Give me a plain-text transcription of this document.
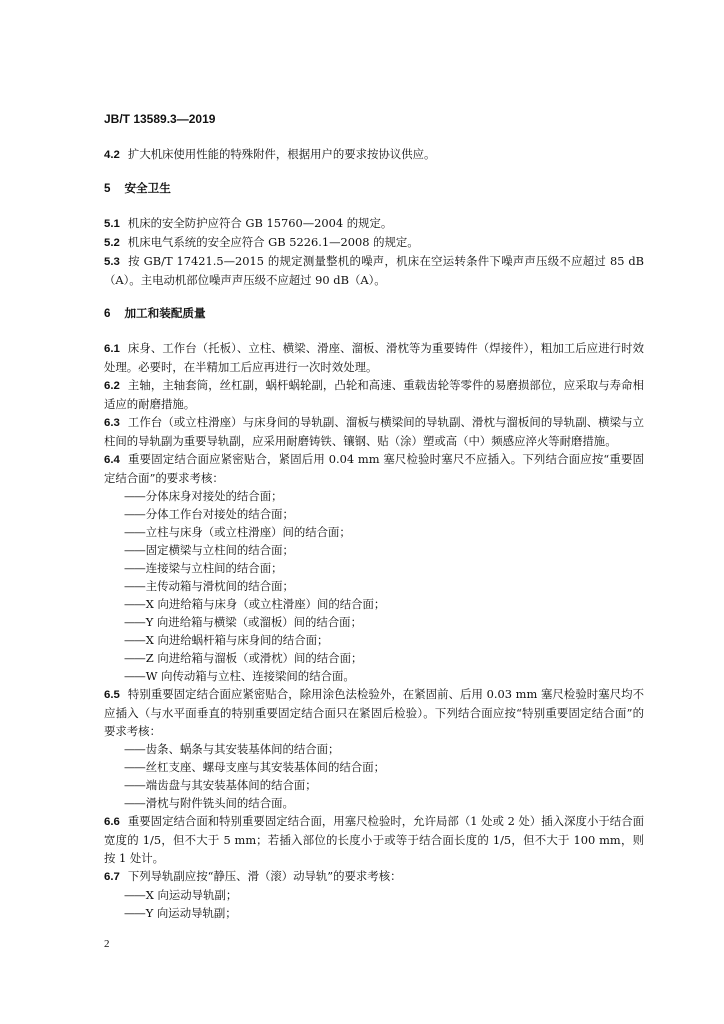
JB/T 13589.3—2019

4.2 扩大机床使用性能的特殊附件，根据用户的要求按协议供应。

5 安全卫生

5.1 机床的安全防护应符合 GB 15760—2004 的规定。

5.2 机床电气系统的安全应符合 GB 5226.1—2008 的规定。

5.3 按 GB/T 17421.5—2015 的规定测量整机的噪声，机床在空运转条件下噪声声压级不应超过 85 dB（A）。主电动机部位噪声声压级不应超过 90 dB（A）。

6 加工和装配质量

6.1 床身、工作台（托板）、立柱、横梁、滑座、溜板、滑枕等为重要铸件（焊接件），粗加工后应进行时效处理。必要时，在半精加工后应再进行一次时效处理。

6.2 主轴，主轴套筒，丝杠副，蜗杆蜗轮副，凸轮和高速、重载齿轮等零件的易磨损部位，应采取与寿命相适应的耐磨措施。

6.3 工作台（或立柱滑座）与床身间的导轨副、溜板与横梁间的导轨副、滑枕与溜板间的导轨副、横梁与立柱间的导轨副为重要导轨副，应采用耐磨铸铁、镶钢、贴（涂）塑或高（中）频感应淬火等耐磨措施。

6.4 重要固定结合面应紧密贴合，紧固后用 0.04 mm 塞尺检验时塞尺不应插入。下列结合面应按“重要固定结合面”的要求考核：

—— 分体床身对接处的结合面；
—— 分体工作台对接处的结合面；
—— 立柱与床身（或立柱滑座）间的结合面；
—— 固定横梁与立柱间的结合面；
—— 连接梁与立柱间的结合面；
—— 主传动箱与滑枕间的结合面；
—— X 向进给箱与床身（或立柱滑座）间的结合面；
—— Y 向进给箱与横梁（或溜板）间的结合面；
—— X 向进给蜗杆箱与床身间的结合面；
—— Z 向进给箱与溜板（或滑枕）间的结合面；
—— W 向传动箱与立柱、连接梁间的结合面。

6.5 特别重要固定结合面应紧密贴合，除用涂色法检验外，在紧固前、后用 0.03 mm 塞尺检验时塞尺均不应插入（与水平面垂直的特别重要固定结合面只在紧固后检验）。下列结合面应按“特别重要固定结合面”的要求考核：

—— 齿条、蜗条与其安装基体间的结合面；
—— 丝杠支座、螺母支座与其安装基体间的结合面；
—— 端齿盘与其安装基体间的结合面；
—— 滑枕与附件铣头间的结合面。

6.6 重要固定结合面和特别重要固定结合面，用塞尺检验时，允许局部（1 处或 2 处）插入深度小于结合面宽度的 1/5，但不大于 5 mm；若插入部位的长度小于或等于结合面长度的 1/5，但不大于 100 mm，则按 1 处计。

6.7 下列导轨副应按“静压、滑（滚）动导轨”的要求考核：

—— X 向运动导轨副；
—— Y 向运动导轨副；
2
